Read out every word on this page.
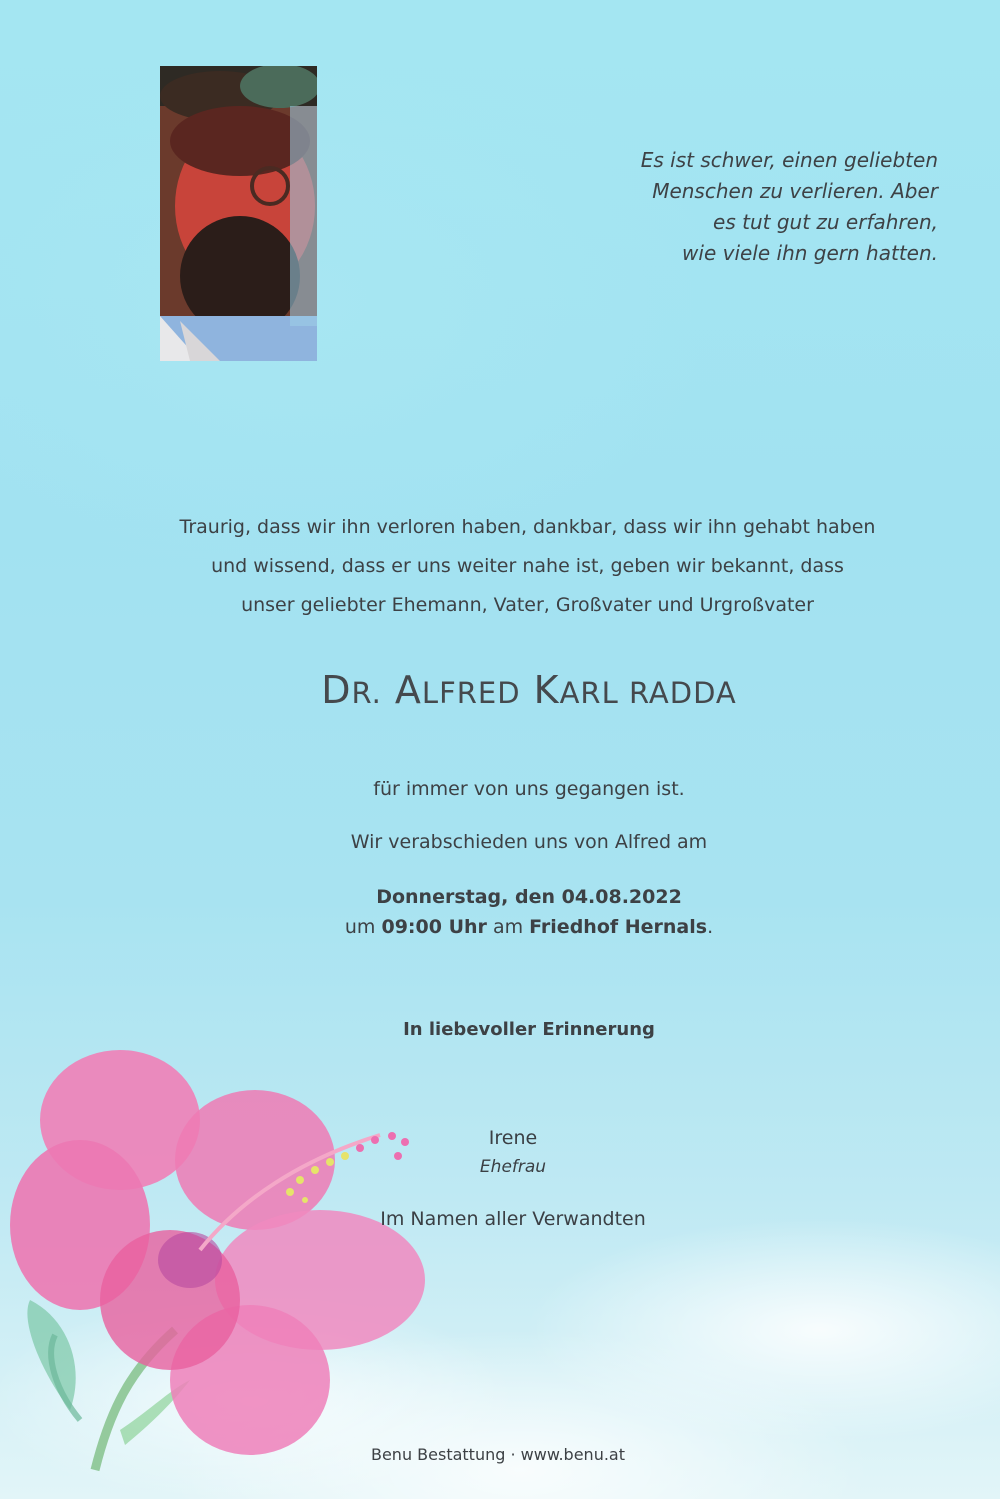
Es ist schwer, einen geliebten
Menschen zu verlieren. Aber
es tut gut zu erfahren,
wie viele ihn gern hatten.
Traurig, dass wir ihn verloren haben, dankbar, dass wir ihn gehabt haben
und wissend, dass er uns weiter nahe ist, geben wir bekannt, dass
unser geliebter Ehemann, Vater, Großvater und Urgroßvater
DR. ALFRED KARL RADDA
für immer von uns gegangen ist.
Wir verabschieden uns von Alfred am
Donnerstag, den 04.08.2022
um 09:00 Uhr am Friedhof Hernals.
In liebevoller Erinnerung
Irene
Ehefrau
Im Namen aller Verwandten
Benu Bestattung · www.benu.at
